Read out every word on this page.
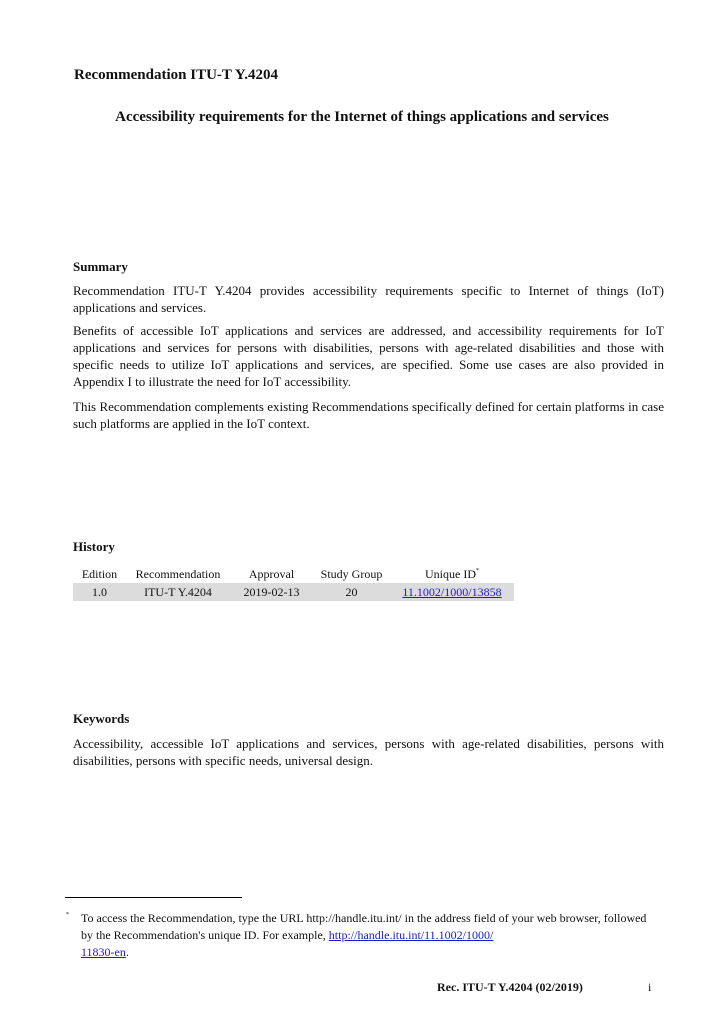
Recommendation ITU-T Y.4204
Accessibility requirements for the Internet of things applications and services
Summary

Recommendation ITU-T Y.4204 provides accessibility requirements specific to Internet of things (IoT) applications and services.

Benefits of accessible IoT applications and services are addressed, and accessibility requirements for IoT applications and services for persons with disabilities, persons with age-related disabilities and those with specific needs to utilize IoT applications and services, are specified. Some use cases are also provided in Appendix I to illustrate the need for IoT accessibility.

This Recommendation complements existing Recommendations specifically defined for certain platforms in case such platforms are applied in the IoT context.

History
Edition	Recommendation	Approval	Study Group	Unique ID*
1.0	ITU-T Y.4204	2019-02-13	20	11.1002/1000/13858
Keywords

Accessibility, accessible IoT applications and services, persons with age-related disabilities, persons with disabilities, persons with specific needs, universal design.

* To access the Recommendation, type the URL http://handle.itu.int/ in the address field of your web browser, followed by the Recommendation's unique ID. For example, http://handle.itu.int/11.1002/1000/
11830-en.
Rec. ITU-T Y.4204 (02/2019)	i
